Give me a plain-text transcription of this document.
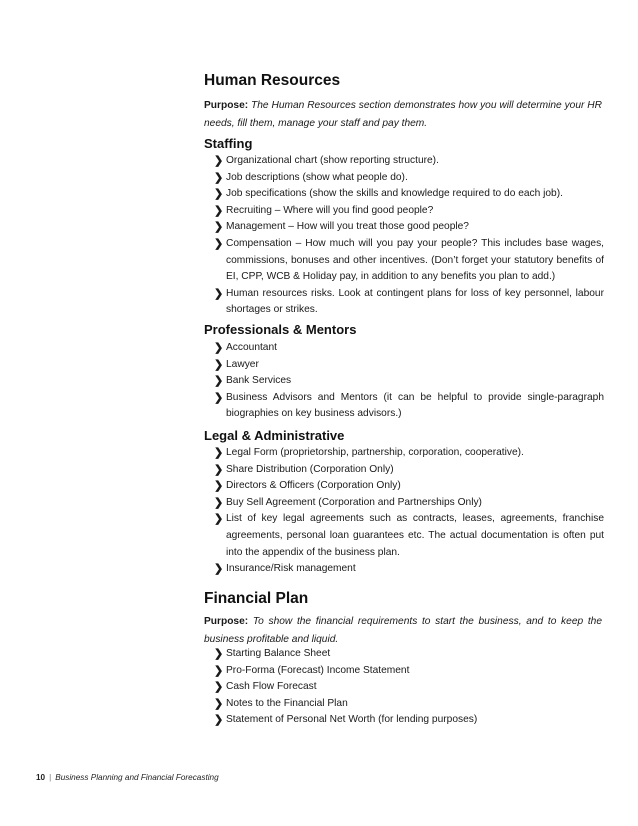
Human Resources

Purpose: The Human Resources section demonstrates how you will determine your HR needs, fill them, manage your staff and pay them.

Staffing
❯ Organizational chart (show reporting structure).
❯ Job descriptions (show what people do).
❯ Job specifications (show the skills and knowledge required to do each job).
❯ Recruiting – Where will you find good people?
❯ Management – How will you treat those good people?
❯ Compensation – How much will you pay your people? This includes base wages, commissions, bonuses and other incentives. (Don’t forget your statutory benefits of EI, CPP, WCB & Holiday pay, in addition to any benefits you plan to add.)
❯ Human resources risks. Look at contingent plans for loss of key personnel, labour shortages or strikes.
Professionals & Mentors
❯ Accountant
❯ Lawyer
❯ Bank Services
❯ Business Advisors and Mentors (it can be helpful to provide single-paragraph biographies on key business advisors.)
Legal & Administrative
❯ Legal Form (proprietorship, partnership, corporation, cooperative).
❯ Share Distribution (Corporation Only)
❯ Directors & Officers (Corporation Only)
❯ Buy Sell Agreement (Corporation and Partnerships Only)
❯ List of key legal agreements such as contracts, leases, agreements, franchise agreements, personal loan guarantees etc. The actual documentation is often put into the appendix of the business plan.
❯ Insurance/Risk management
Financial Plan

Purpose: To show the financial requirements to start the business, and to keep the business profitable and liquid.

❯ Starting Balance Sheet
❯ Pro-Forma (Forecast) Income Statement
❯ Cash Flow Forecast
❯ Notes to the Financial Plan
❯ Statement of Personal Net Worth (for lending purposes)
10 | Business Planning and Financial Forecasting
